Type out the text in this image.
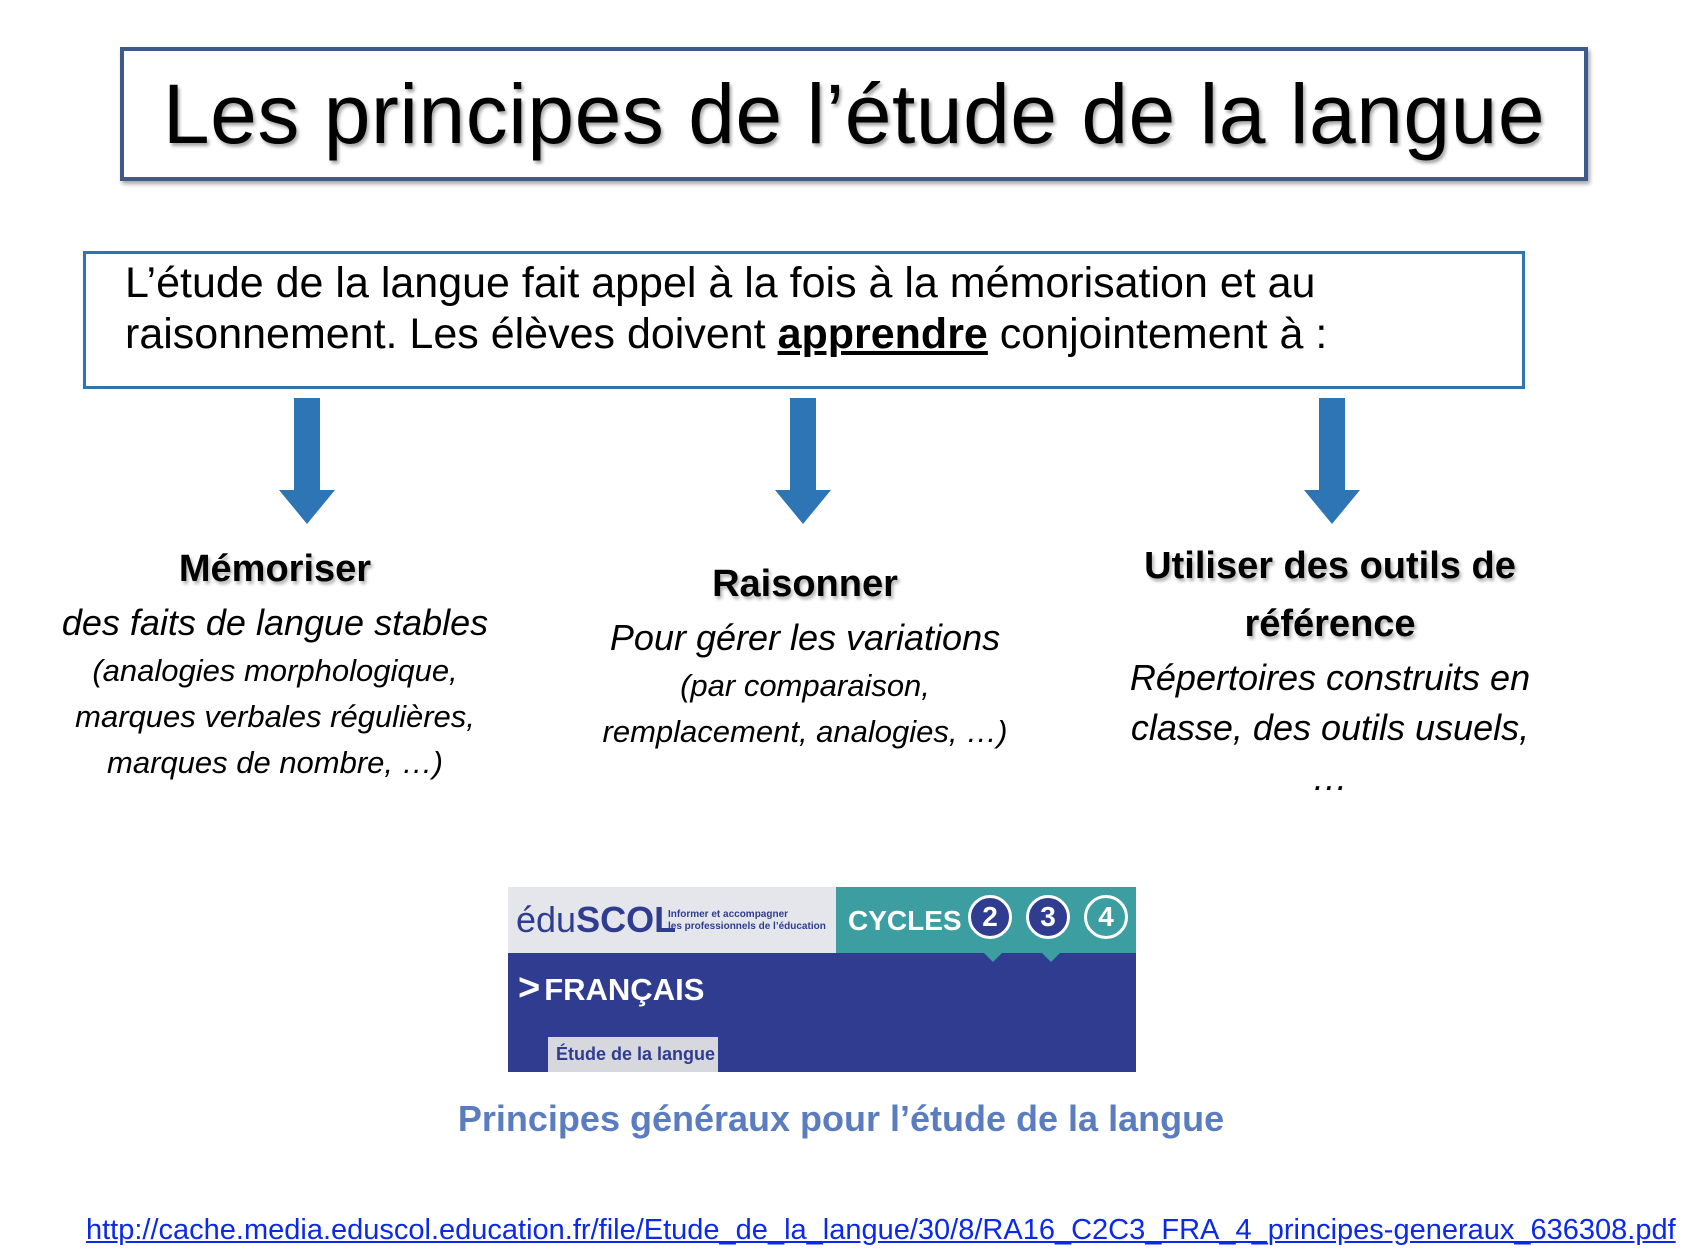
Les principes de l’étude de la langue
L’étude de la langue fait appel à la fois à la mémorisation et au
raisonnement. Les élèves doivent apprendre conjointement à :
Mémoriser
des faits de langue stables
(analogies morphologique,
marques verbales régulières,
marques de nombre, …)
Raisonner
Pour gérer les variations
(par comparaison,
remplacement, analogies, …)
Utiliser des outils de
référence
Répertoires construits en
classe, des outils usuels,
…
éduSCOL
Informer et accompagner
les professionnels de l’éducation CYCLES 2	3	4
> FRANÇAIS
Étude de la langue
Principes généraux pour l’étude de la langue
http://cache.media.eduscol.education.fr/file/Etude_de_la_langue/30/8/RA16_C2C3_FRA_4_principes-generaux_636308.pdf
